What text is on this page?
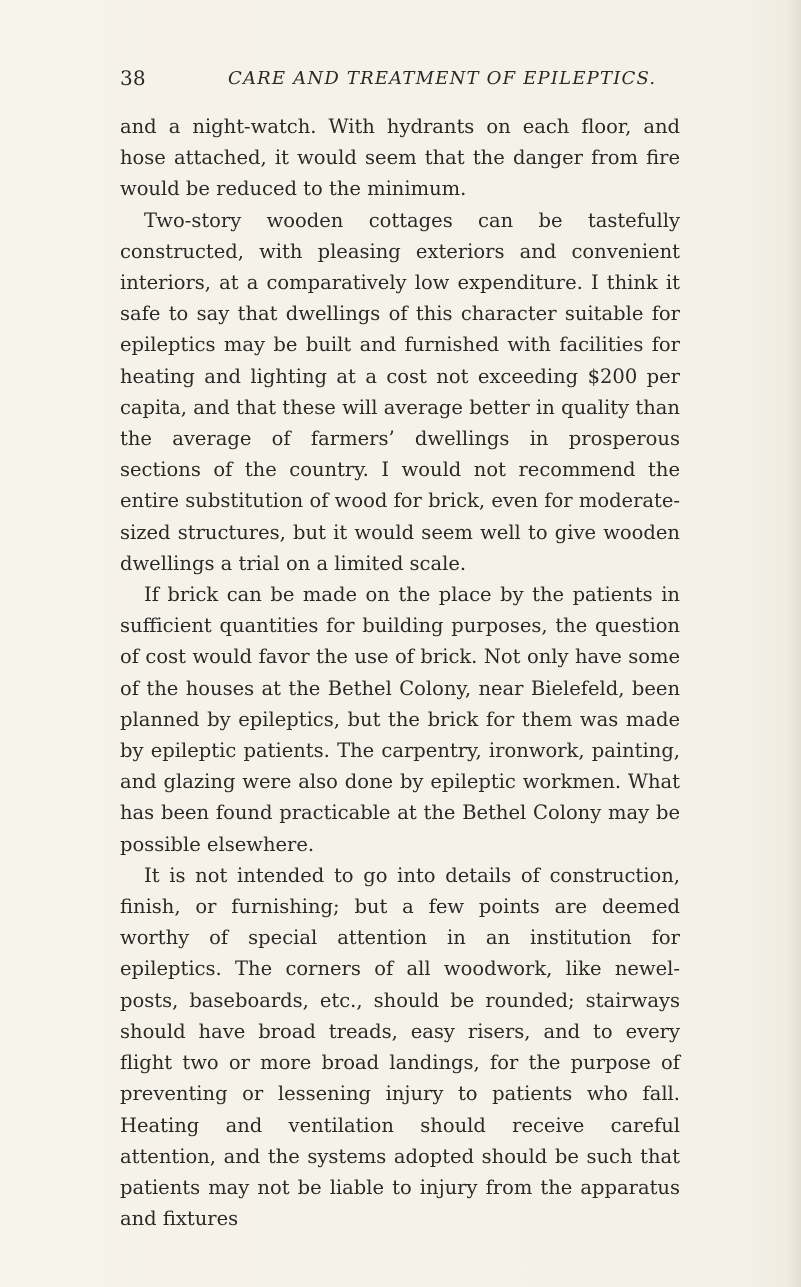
38	CARE AND TREATMENT OF EPILEPTICS.

and a night-watch. With hydrants on each floor, and hose attached, it would seem that the danger from fire would be reduced to the minimum.

Two-story wooden cottages can be tastefully constructed, with pleasing exteriors and convenient interiors, at a comparatively low expenditure. I think it safe to say that dwellings of this character suitable for epileptics may be built and furnished with facilities for heating and lighting at a cost not exceeding $200 per capita, and that these will average better in quality than the average of farmers’ dwellings in prosperous sections of the country. I would not recommend the entire substitution of wood for brick, even for moderate-sized structures, but it would seem well to give wooden dwellings a trial on a limited scale.

If brick can be made on the place by the patients in sufficient quantities for building purposes, the question of cost would favor the use of brick. Not only have some of the houses at the Bethel Colony, near Bielefeld, been planned by epileptics, but the brick for them was made by epileptic patients. The carpentry, ironwork, painting, and glazing were also done by epileptic workmen. What has been found practicable at the Bethel Colony may be possible elsewhere.

It is not intended to go into details of construction, finish, or furnishing; but a few points are deemed worthy of special attention in an institution for epileptics. The corners of all woodwork, like newel-posts, baseboards, etc., should be rounded; stairways should have broad treads, easy risers, and to every flight two or more broad landings, for the purpose of preventing or lessening injury to patients who fall. Heating and ventilation should receive careful attention, and the systems adopted should be such that patients may not be liable to injury from the apparatus and fixtures
